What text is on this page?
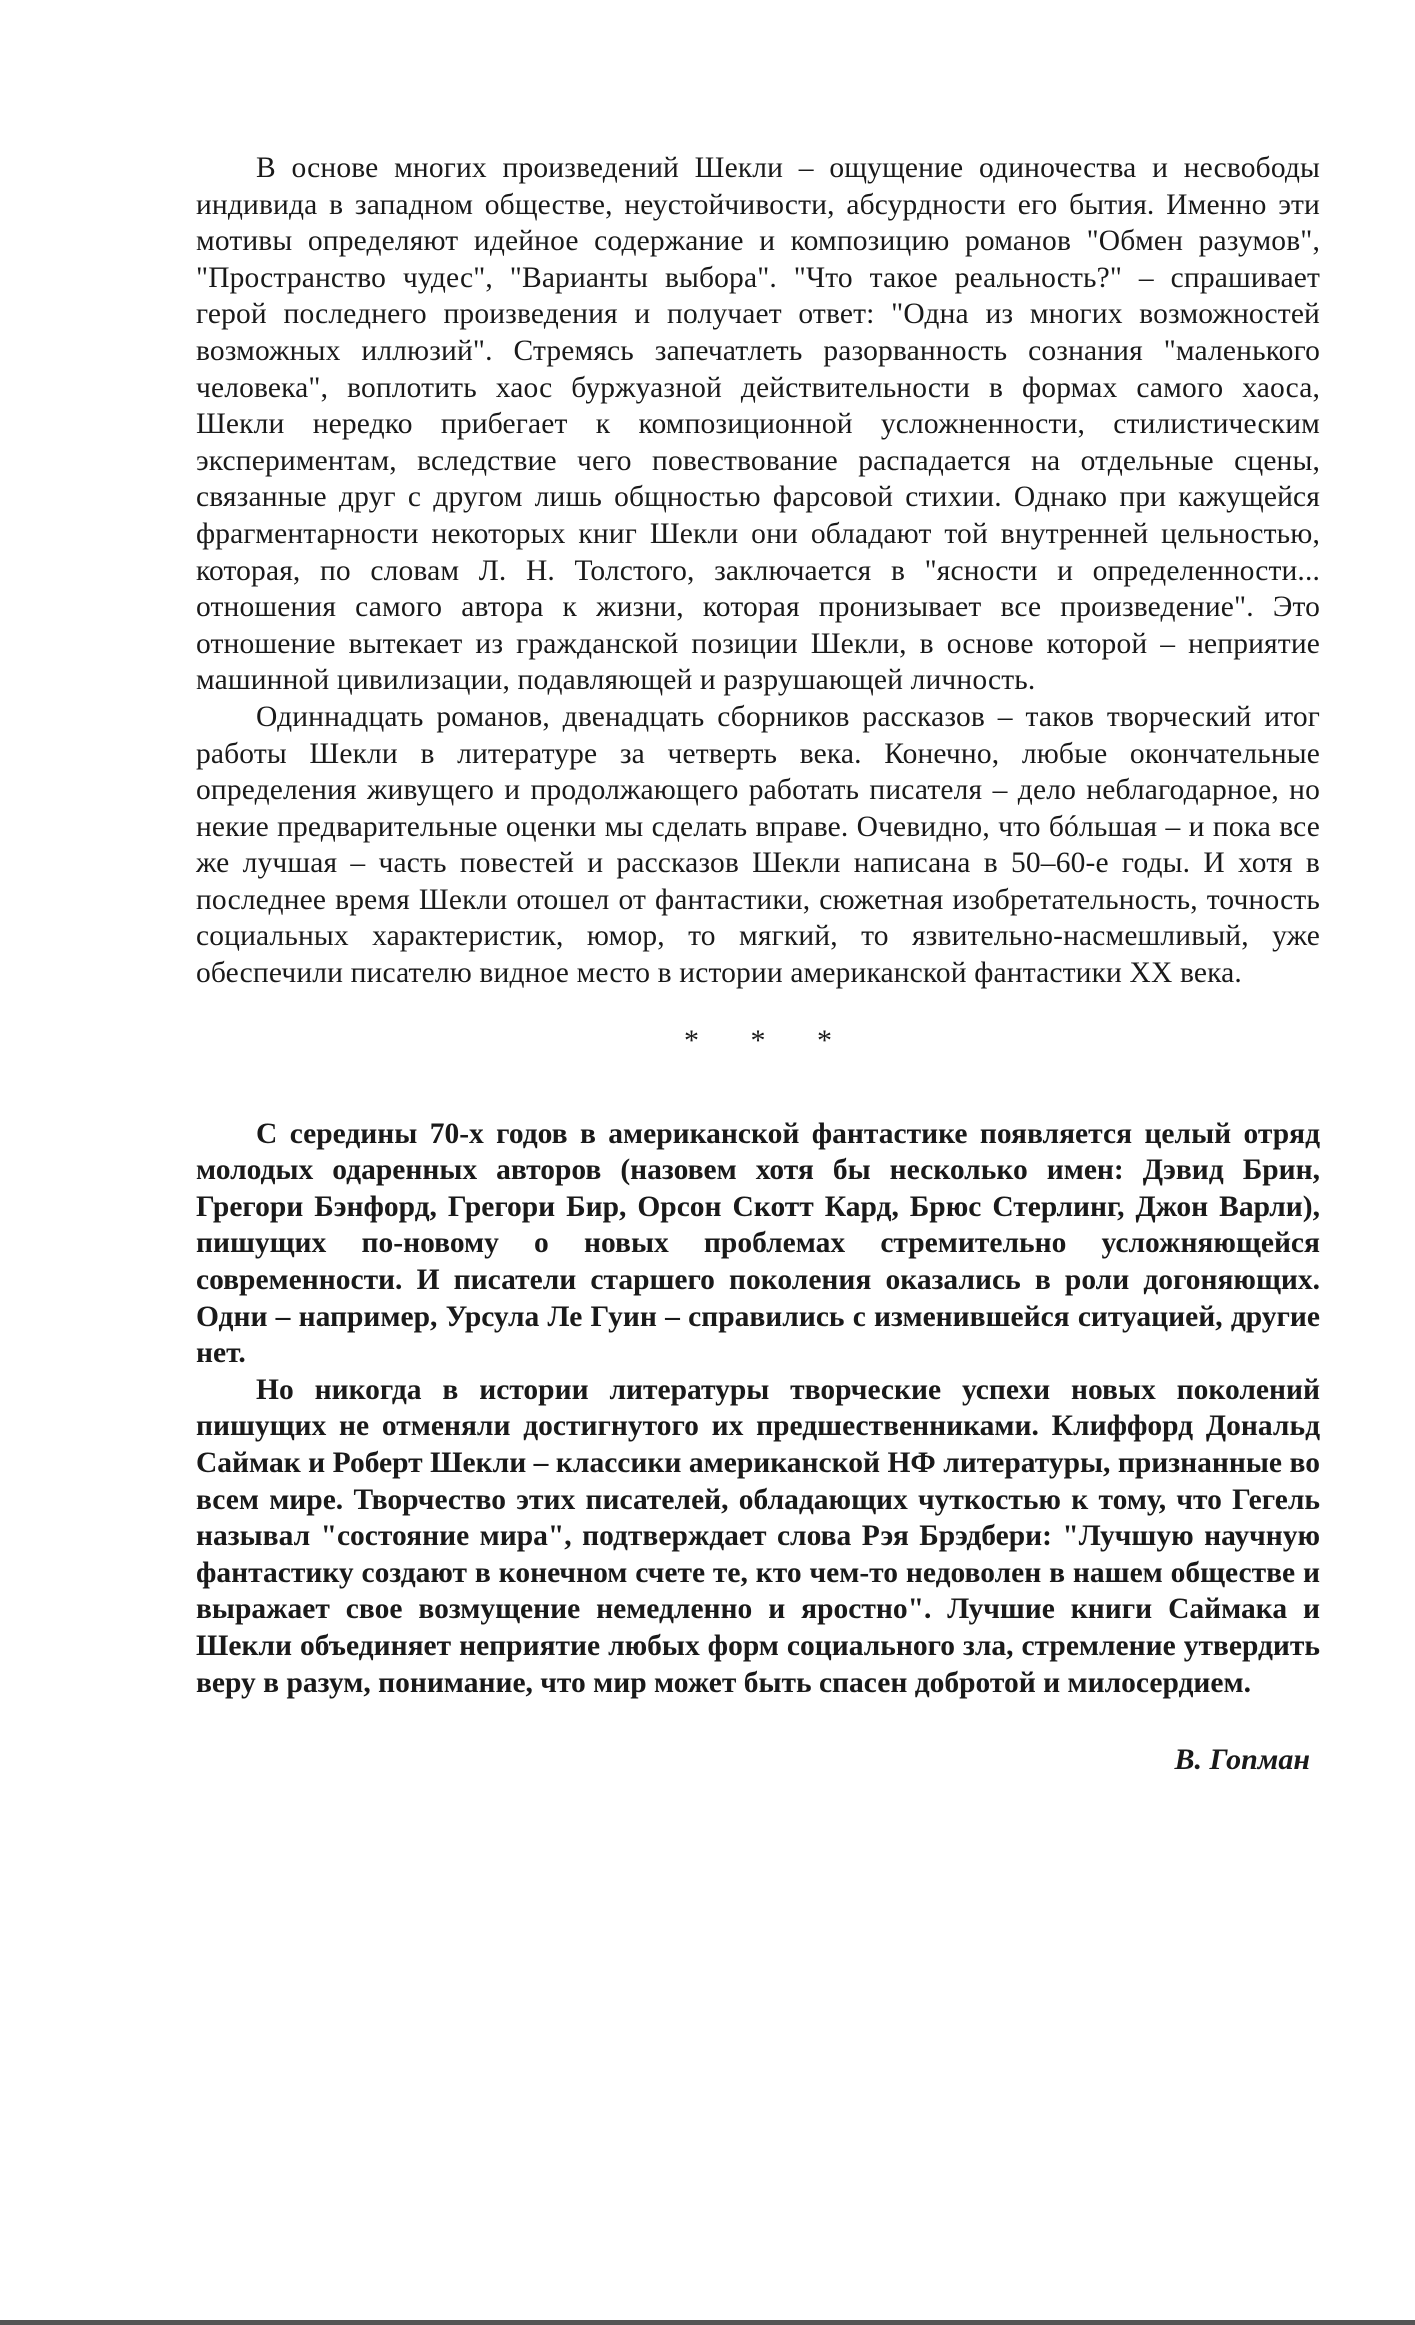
В основе многих произведений Шекли – ощущение одиночества и несвободы индивида в западном обществе, неустойчивости, абсурдности его бытия. Именно эти мотивы определяют идейное содержание и композицию романов "Обмен разумов", "Пространство чудес", "Варианты выбора". "Что такое реальность?" – спрашивает герой последнего произведения и получает ответ: "Одна из многих возможностей возможных иллюзий". Стремясь запечатлеть разорванность сознания "маленького человека", воплотить хаос буржуазной действительности в формах самого хаоса, Шекли нередко прибегает к композиционной усложненности, стилистическим экспериментам, вследствие чего повествование распадается на отдельные сцены, связанные друг с другом лишь общностью фарсовой стихии. Однако при кажущейся фрагментарности некоторых книг Шекли они обладают той внутренней цельностью, которая, по словам Л. Н. Толстого, заключается в "ясности и определенности... отношения самого автора к жизни, которая пронизывает все произведение". Это отношение вытекает из гражданской позиции Шекли, в основе которой – неприятие машинной цивилизации, подавляющей и разрушающей личность.

Одиннадцать романов, двенадцать сборников рассказов – таков творческий итог работы Шекли в литературе за четверть века. Конечно, любые окончательные определения живущего и продолжающего работать писателя – дело неблагодарное, но некие предварительные оценки мы сделать вправе. Очевидно, что бóльшая – и пока все же лучшая – часть повестей и рассказов Шекли написана в 50–60-е годы. И хотя в последнее время Шекли отошел от фантастики, сюжетная изобретательность, точность социальных характеристик, юмор, то мягкий, то язвительно-насмешливый, уже обеспечили писателю видное место в истории американской фантастики XX века.

* * *

С середины 70-х годов в американской фантастике появляется целый отряд молодых одаренных авторов (назовем хотя бы несколько имен: Дэвид Брин, Грегори Бэнфорд, Грегори Бир, Орсон Скотт Кард, Брюс Стерлинг, Джон Варли), пишущих по-новому о новых проблемах стремительно усложняющейся современности. И писатели старшего поколения оказались в роли догоняющих. Одни – например, Урсула Ле Гуин – справились с изменившейся ситуацией, другие нет.

Но никогда в истории литературы творческие успехи новых поколений пишущих не отменяли достигнутого их предшественниками. Клиффорд Дональд Саймак и Роберт Шекли – классики американской НФ литературы, признанные во всем мире. Творчество этих писателей, обладающих чуткостью к тому, что Гегель называл "состояние мира", подтверждает слова Рэя Брэдбери: "Лучшую научную фантастику создают в конечном счете те, кто чем-то недоволен в нашем обществе и выражает свое возмущение немедленно и яростно". Лучшие книги Саймака и Шекли объединяет неприятие любых форм социального зла, стремление утвердить веру в разум, понимание, что мир может быть спасен добротой и милосердием.

В. Гопман
